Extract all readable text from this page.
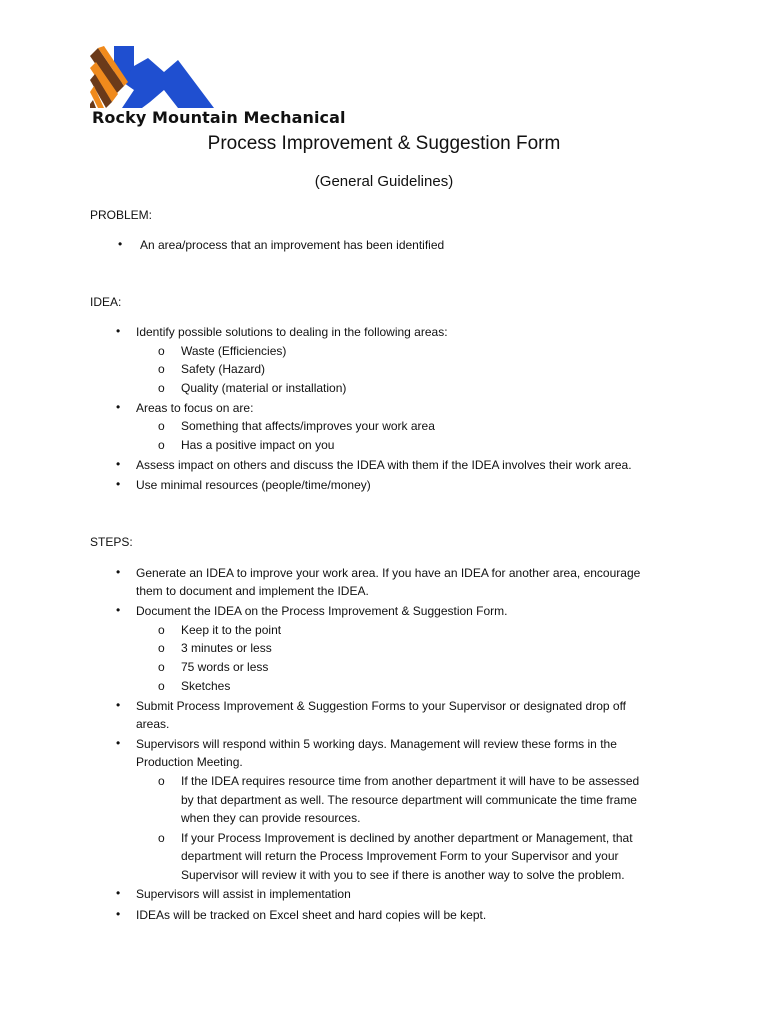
Rocky Mountain Mechanical
Process Improvement & Suggestion Form
(General Guidelines)
PROBLEM:
• An area/process that an improvement has been identified
IDEA:
• Identify possible solutions to dealing in the following areas:
o Waste (Efficiencies)
o Safety (Hazard)
o Quality (material or installation)
• Areas to focus on are:
o Something that affects/improves your work area
o Has a positive impact on you
• Assess impact on others and discuss the IDEA with them if the IDEA involves their work area.
• Use minimal resources (people/time/money)
STEPS:
• Generate an IDEA to improve your work area. If you have an IDEA for another area, encourage
them to document and implement the IDEA.
• Document the IDEA on the Process Improvement & Suggestion Form.
o Keep it to the point
o 3 minutes or less
o 75 words or less
o Sketches
• Submit Process Improvement & Suggestion Forms to your Supervisor or designated drop off
areas.
• Supervisors will respond within 5 working days. Management will review these forms in the
Production Meeting.
o If the IDEA requires resource time from another department it will have to be assessed
by that department as well. The resource department will communicate the time frame
when they can provide resources.
o If your Process Improvement is declined by another department or Management, that
department will return the Process Improvement Form to your Supervisor and your
Supervisor will review it with you to see if there is another way to solve the problem.
• Supervisors will assist in implementation
• IDEAs will be tracked on Excel sheet and hard copies will be kept.
